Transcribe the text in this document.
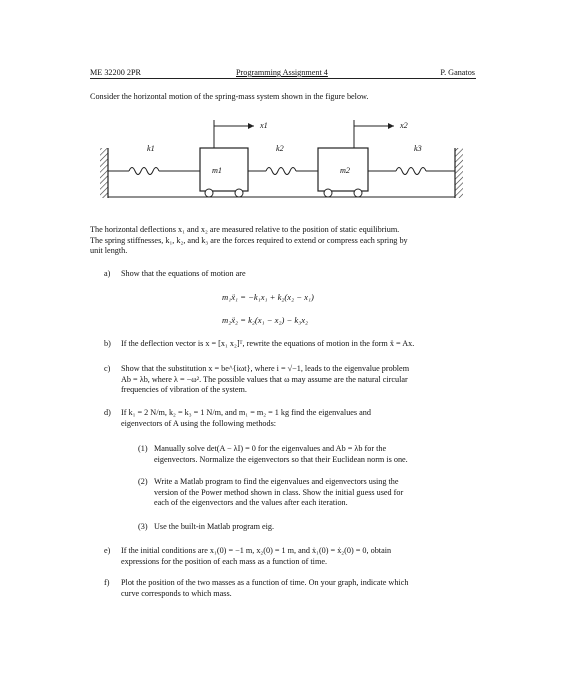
ME 32200 2PR	Programming Assignment 4	P. Ganatos
Consider the horizontal motion of the spring-mass system shown in the figure below.
x1	x2
k1	k2	k3
m1	m2
The horizontal deflections x₁ and x₂ are measured relative to the position of static equilibrium.
The spring stiffnesses, k₁, k₂, and k₃ are the forces required to extend or compress each spring by
unit length.
a) Show that the equations of motion are
m₁ẍ₁ = −k₁x₁ + k₂(x₂ − x₁)
m₂ẍ₂ = k₂(x₁ − x₂) − k₃x₂
b) If the deflection vector is x = [x₁ x₂]ᵀ, rewrite the equations of motion in the form ẍ = Ax.
c) Show that the substitution x = be^{iωt}, where i = √−1, leads to the eigenvalue problem
Ab = λb, where λ = −ω². The possible values that ω may assume are the natural circular
frequencies of vibration of the system.
d) If k₁ = 2 N/m, k₂ = k₃ = 1 N/m, and m₁ = m₂ = 1 kg find the eigenvalues and
eigenvectors of A using the following methods:
(1) Manually solve det(A − λI) = 0 for the eigenvalues and Ab = λb for the
eigenvectors. Normalize the eigenvectors so that their Euclidean norm is one.
(2) Write a Matlab program to find the eigenvalues and eigenvectors using the
version of the Power method shown in class. Show the initial guess used for
each of the eigenvectors and the values after each iteration.
(3) Use the built-in Matlab program eig.
e) If the initial conditions are x₁(0) = −1 m, x₂(0) = 1 m, and ẋ₁(0) = ẋ₂(0) = 0, obtain
expressions for the position of each mass as a function of time.
f) Plot the position of the two masses as a function of time. On your graph, indicate which
curve corresponds to which mass.
